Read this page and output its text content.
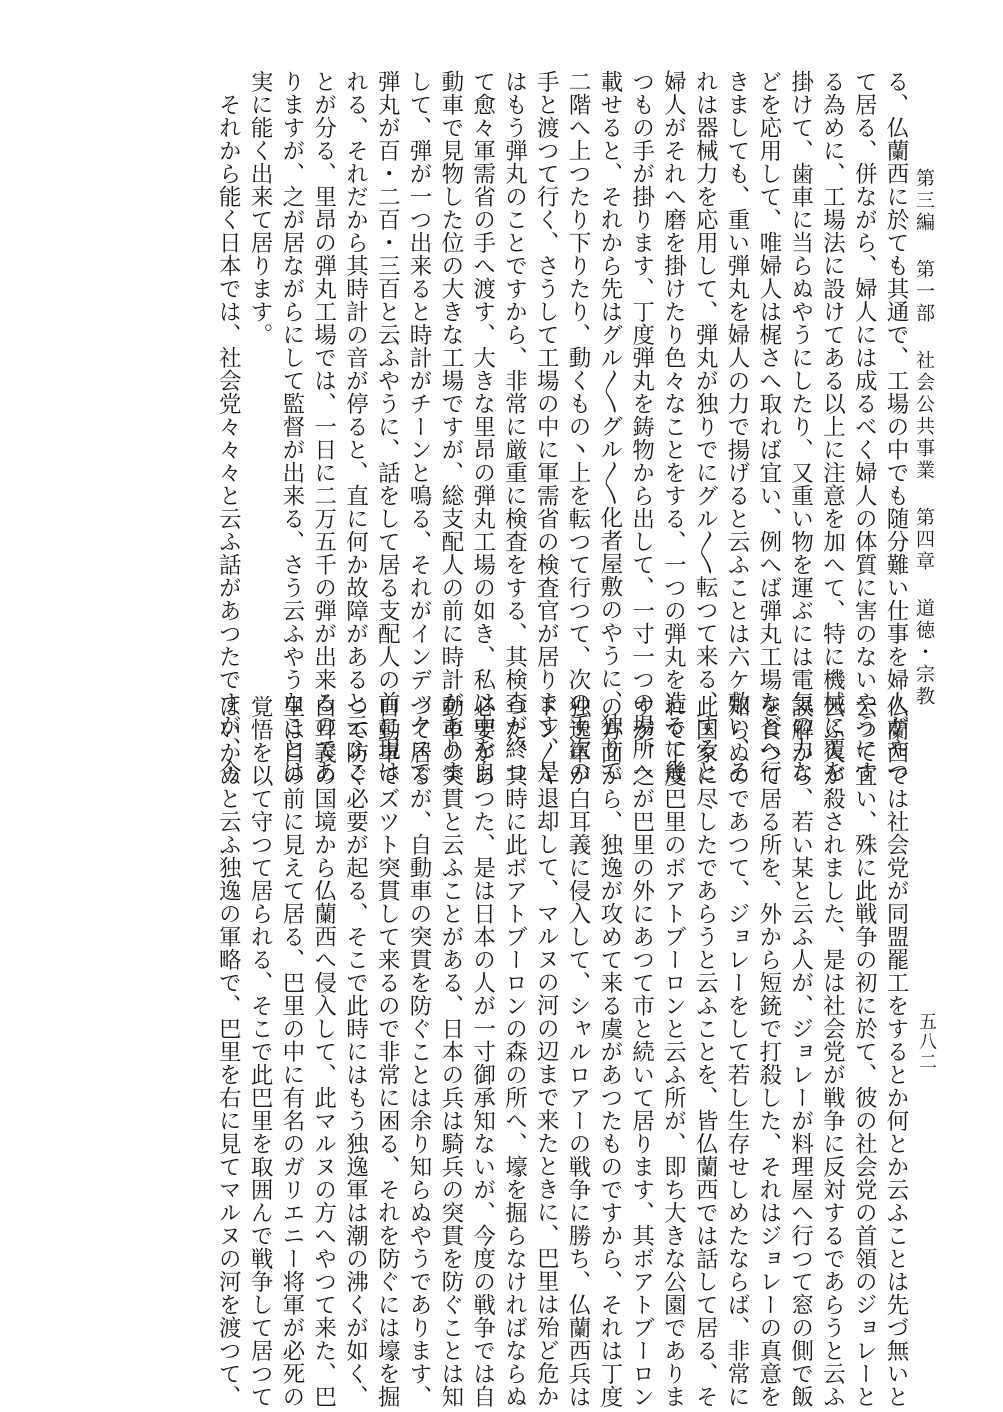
第三編 第一部 社会公共事業 第四章 道徳・宗教
五八二
る、仏蘭西に於ても其通で、工場の中でも随分難い仕事を婦人がやつ
て居る、併ながら、婦人には成るべく婦人の体質に害のないやうにす
る為めに、工場法に設けてある以上に注意を加へて、特に機械に覆を
掛けて、歯車に当らぬやうにしたり、又重い物を運ぶには電気の力な
どを応用して、唯婦人は梶さへ取れば宜い、例へば弾丸工場などへ行
きましても、重い弾丸を婦人の力で揚げると云ふことは六ケ敷い、そ
れは器械力を応用して、弾丸が独りでにグル〳〵転つて来る、すると
婦人がそれへ磨を掛けたり色々なことをする、一つの弾丸を造るに幾
つもの手が掛ります、丁度弾丸を鋳物から出して、一寸一つの場所へ
載せると、それから先はグル〳〵グル〳〵化者屋敷のやうに、独りで
二階へ上つたり下りたり、動くもの丶上を転つて行つて、次の手次の
手と渡つて行く、さうして工場の中に軍需省の検査官が居ります、是
はもう弾丸のことですから、非常に厳重に検査をする、其検査が終つ
て愈々軍需省の手へ渡す、大きな里昂の弾丸工場の如き、私は中を自
動車で見物した位の大きな工場ですが、総支配人の前に時計がありま
して、弾が一つ出来ると時計がチーンと鳴る、それがインデックスで
弾丸が百・二百・三百と云ふやうに、話をして居る支配人の前に現は
れる、それだから其時計の音が停ると、直に何か故障があると云ふこ
とが分る、里昂の弾丸工場では、一日に二万五千の弾が出来るのであ
りますが、之が居ながらにして監督が出来る、さう云ふやうなことは
実に能く出来て居ります。
　それから能く日本では、社会党々々々と云ふ話があつたですが、今
仏蘭西では社会党が同盟罷工をするとか何とか云ふことは先づ無いと
云つて宜い、殊に此戦争の初に於て、彼の社会党の首領のジョレーと
云ふ人が殺されました、是は社会党が戦争に反対するであらうと云ふ
誤解から、若い某と云ふ人が、ジョレーが料理屋へ行つて窓の側で飯
を食つて居る所を、外から短銃で打殺した、それはジョレーの真意を
知らぬのであつて、ジョレーをして若し生存せしめたならば、非常に
此国家に尽したであらうと云ふことを、皆仏蘭西では話して居る、そ
れで丁度巴里のボアトブーロンと云ふ所が、即ち大きな公園でありま
すが、之が巴里の外にあつて市と続いて居ります、其ボアトブーロン
の方面から、独逸が攻めて来る虞があつたものですから、それは丁度
独逸軍が白耳義に侵入して、シャルロアーの戦争に勝ち、仏蘭西兵は
ドン〳〵退却して、マルヌの河の辺まで来たときに、巴里は殆ど危か
つた、其時に此ボアトブーロンの森の所へ、壕を掘らなければならぬ
必要があつた、是は日本の人が一寸御承知ないが、今度の戦争では自
動車の突貫と云ふことがある、日本の兵は騎兵の突貫を防ぐことは知
つて居るが、自動車の突貫を防ぐことは余り知らぬやうであります、
自動車でズツト突貫して来るので非常に困る、それを防ぐには壕を掘
つて防ぐ必要が起る、そこで此時にはもう独逸軍は潮の沸くが如く、
白耳義の国境から仏蘭西へ侵入して、此マルヌの方へやつて来た、巴
里は目の前に見えて居る、巴里の中に有名のガリエニー将軍が必死の
覚悟を以て守つて居られる、そこで此巴里を取囲んで戦争して居つて
はいかぬと云ふ独逸の軍略で、巴里を右に見てマルヌの河を渡つて、
